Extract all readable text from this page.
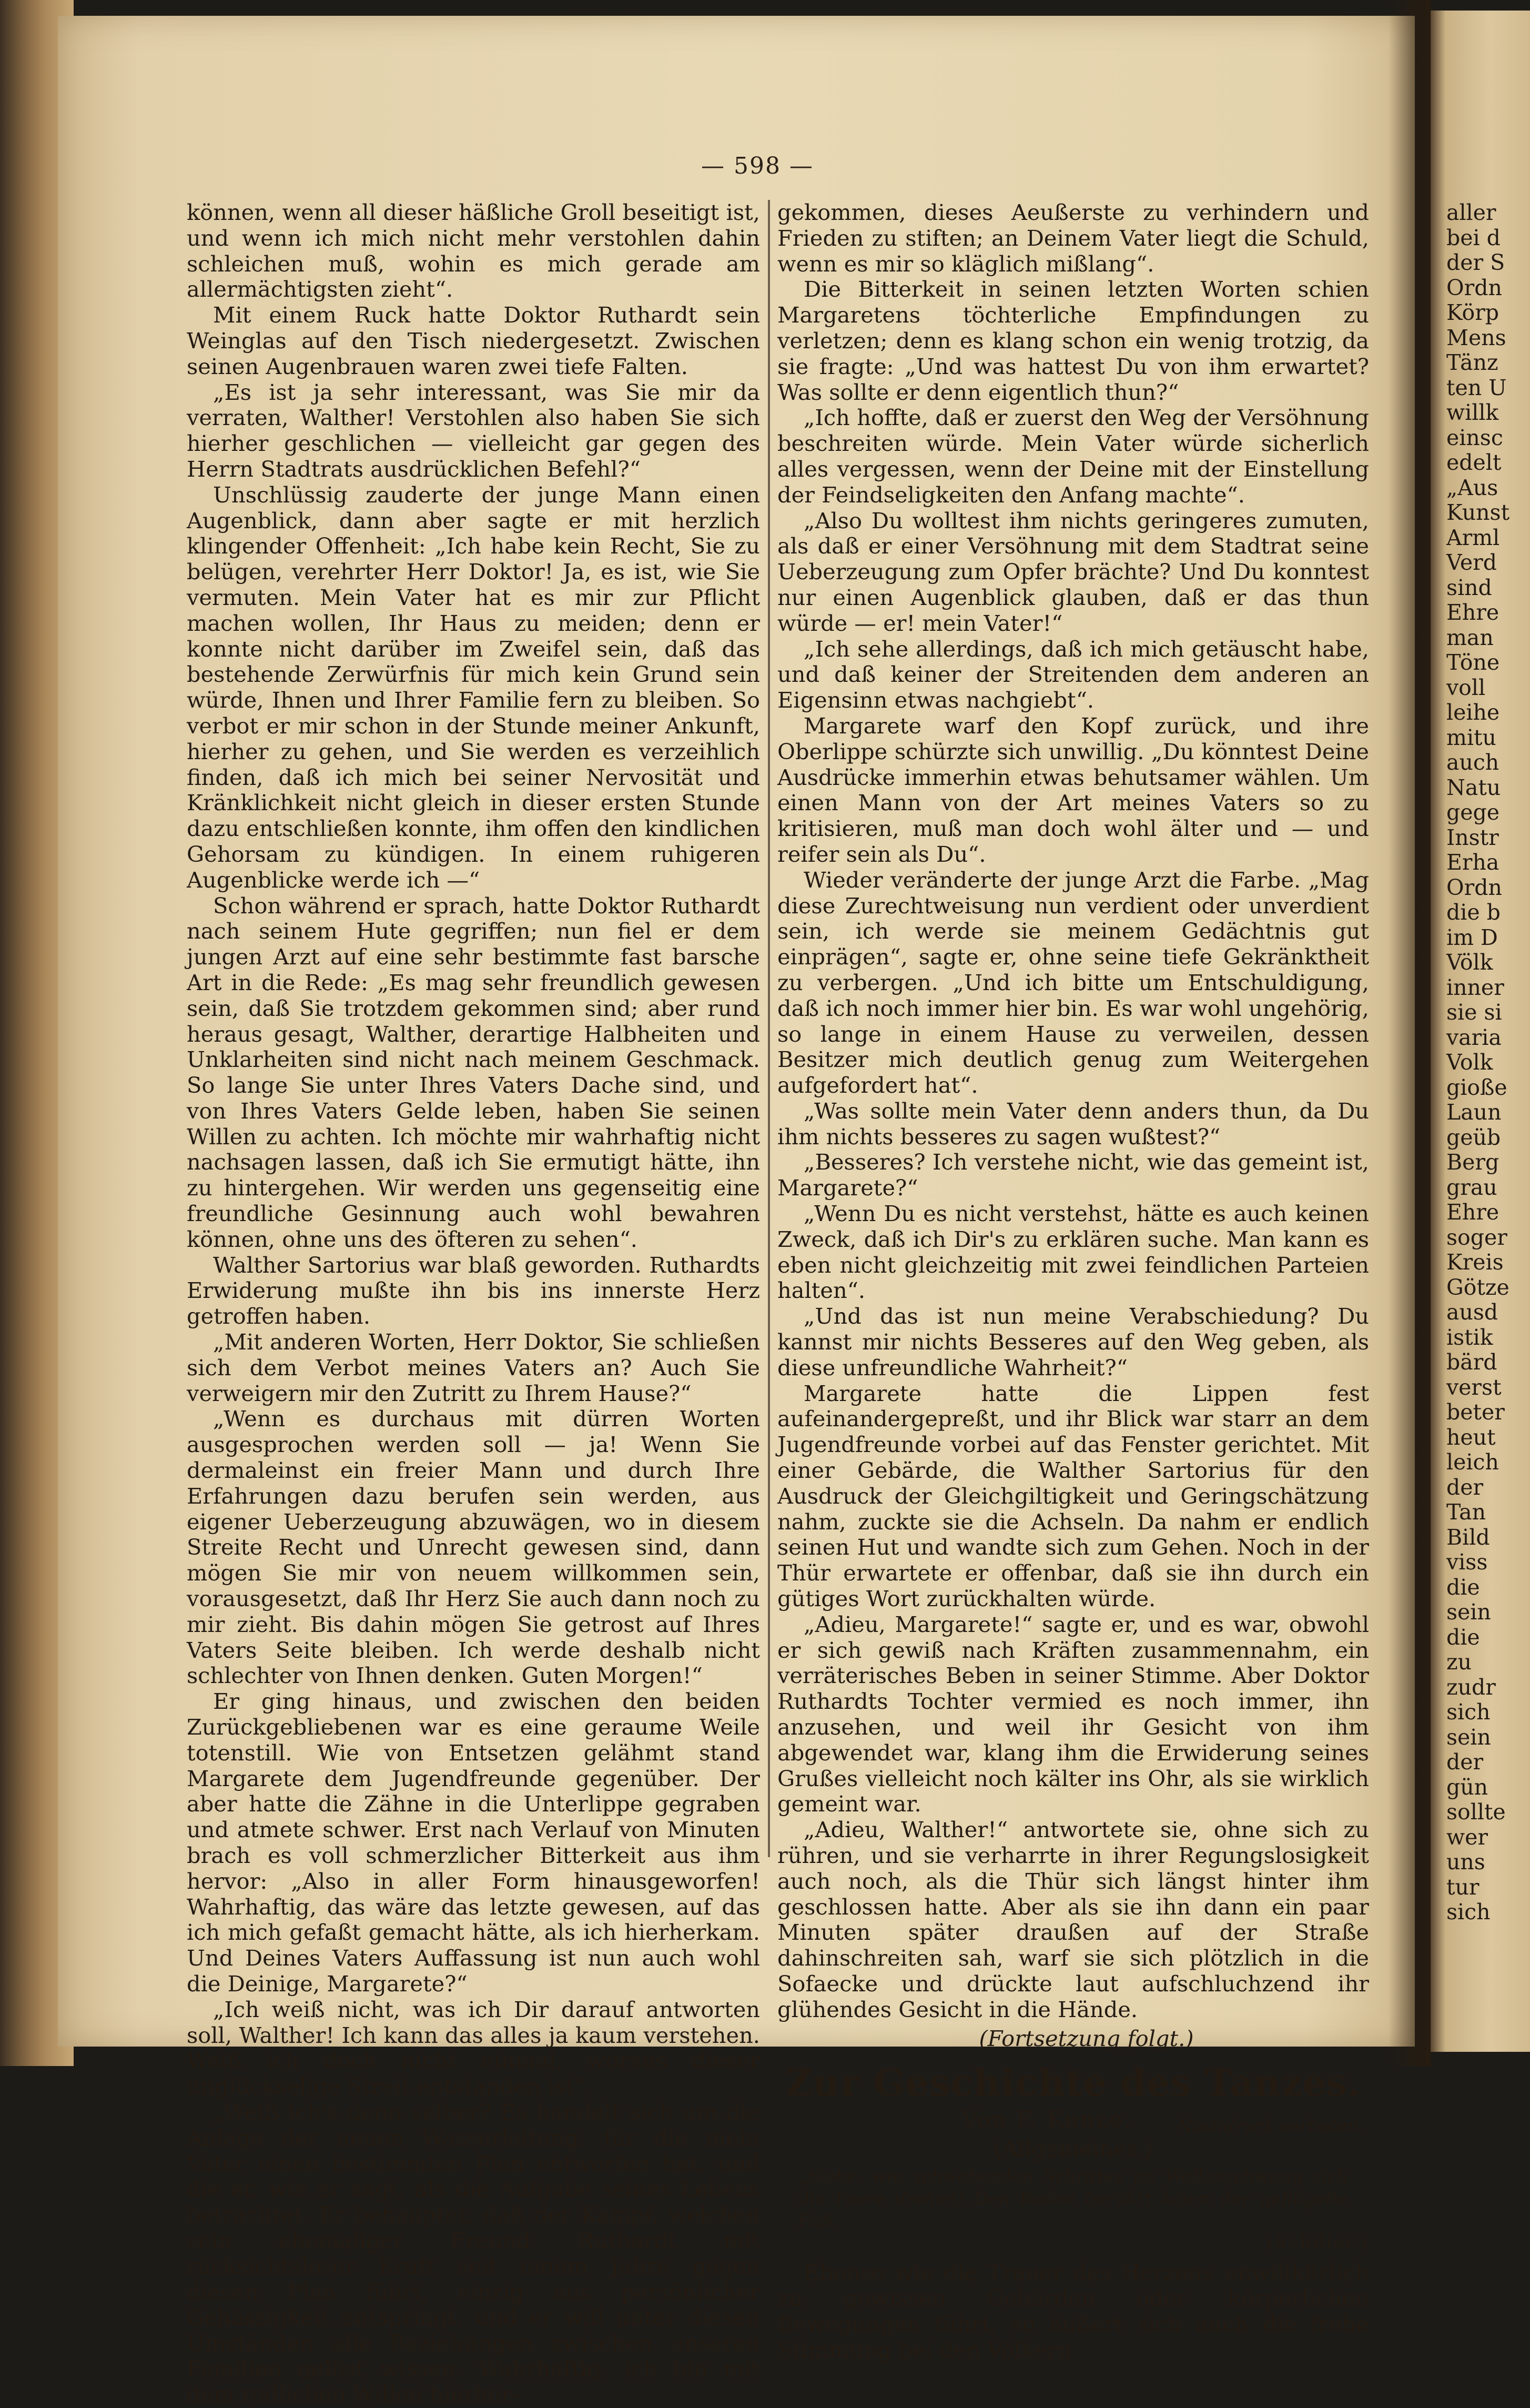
— 598 —

können, wenn all dieser häßliche Groll beseitigt ist, und wenn ich mich nicht mehr verstohlen dahin schleichen muß, wohin es mich gerade am allermächtigsten zieht“.

Mit einem Ruck hatte Doktor Ruthardt sein Weinglas auf den Tisch niedergesetzt. Zwischen seinen Augenbrauen waren zwei tiefe Falten.

„Es ist ja sehr interessant, was Sie mir da verraten, Walther! Verstohlen also haben Sie sich hierher geschlichen — vielleicht gar gegen des Herrn Stadtrats ausdrücklichen Befehl?“

Unschlüssig zauderte der junge Mann einen Augenblick, dann aber sagte er mit herzlich klingender Offenheit: „Ich habe kein Recht, Sie zu belügen, verehrter Herr Doktor! Ja, es ist, wie Sie vermuten. Mein Vater hat es mir zur Pflicht machen wollen, Ihr Haus zu meiden; denn er konnte nicht darüber im Zweifel sein, daß das bestehende Zerwürfnis für mich kein Grund sein würde, Ihnen und Ihrer Familie fern zu bleiben. So verbot er mir schon in der Stunde meiner Ankunft, hierher zu gehen, und Sie werden es verzeihlich finden, daß ich mich bei seiner Nervosität und Kränklichkeit nicht gleich in dieser ersten Stunde dazu entschließen konnte, ihm offen den kindlichen Gehorsam zu kündigen. In einem ruhigeren Augenblicke werde ich —“

Schon während er sprach, hatte Doktor Ruthardt nach seinem Hute gegriffen; nun fiel er dem jungen Arzt auf eine sehr bestimmte fast barsche Art in die Rede: „Es mag sehr freundlich gewesen sein, daß Sie trotzdem gekommen sind; aber rund heraus gesagt, Walther, derartige Halbheiten und Unklarheiten sind nicht nach meinem Geschmack. So lange Sie unter Ihres Vaters Dache sind, und von Ihres Vaters Gelde leben, haben Sie seinen Willen zu achten. Ich möchte mir wahrhaftig nicht nachsagen lassen, daß ich Sie ermutigt hätte, ihn zu hintergehen. Wir werden uns gegenseitig eine freundliche Gesinnung auch wohl bewahren können, ohne uns des öfteren zu sehen“.

Walther Sartorius war blaß geworden. Ruthardts Erwiderung mußte ihn bis ins innerste Herz getroffen haben.

„Mit anderen Worten, Herr Doktor, Sie schließen sich dem Verbot meines Vaters an? Auch Sie verweigern mir den Zutritt zu Ihrem Hause?“

„Wenn es durchaus mit dürren Worten ausgesprochen werden soll — ja! Wenn Sie dermaleinst ein freier Mann und durch Ihre Erfahrungen dazu berufen sein werden, aus eigener Ueberzeugung abzuwägen, wo in diesem Streite Recht und Unrecht gewesen sind, dann mögen Sie mir von neuem willkommen sein, vorausgesetzt, daß Ihr Herz Sie auch dann noch zu mir zieht. Bis dahin mögen Sie getrost auf Ihres Vaters Seite bleiben. Ich werde deshalb nicht schlechter von Ihnen denken. Guten Morgen!“

Er ging hinaus, und zwischen den beiden Zurückgebliebenen war es eine geraume Weile totenstill. Wie von Entsetzen gelähmt stand Margarete dem Jugendfreunde gegenüber. Der aber hatte die Zähne in die Unterlippe gegraben und atmete schwer. Erst nach Verlauf von Minuten brach es voll schmerzlicher Bitterkeit aus ihm hervor: „Also in aller Form hinausgeworfen! Wahrhaftig, das wäre das letzte gewesen, auf das ich mich gefaßt gemacht hätte, als ich hierherkam. Und Deines Vaters Auffassung ist nun auch wohl die Deinige, Margarete?“

„Ich weiß nicht, was ich Dir darauf antworten soll, Walther! Ich kann das alles ja kaum verstehen. Weiß ich doch nicht einmal, woraus dieser unglückselige Streit entstanden ist“.

„Weiß ich's denn selber? Es handelt sich um die Anlage der neuen Wasserleitung, für die mein Vater einen bestimmten Plan entworfen hat, und die er, wie er sagt, als die Aufgabe seines Lebens betrachtet. Er behauptet, daß der Kampf, welchen sein ehemaliger Freund Ruthardt mit rücksichtsloser Kraft seit einem Jahre gegen diesen Plan führt, einzig aus persönlicher Gehässigkeit entspringt, und er will unter diesen Umständen alle Beziehungen zwischen unseren Familien gelöst wissen. Wahrhaftig, ich bin mit dem redlichen Willen hierher-

gekommen, dieses Aeußerste zu verhindern und Frieden zu stiften; an Deinem Vater liegt die Schuld, wenn es mir so kläglich mißlang“.

Die Bitterkeit in seinen letzten Worten schien Margaretens töchterliche Empfindungen zu verletzen; denn es klang schon ein wenig trotzig, da sie fragte: „Und was hattest Du von ihm erwartet? Was sollte er denn eigentlich thun?“

„Ich hoffte, daß er zuerst den Weg der Versöhnung beschreiten würde. Mein Vater würde sicherlich alles vergessen, wenn der Deine mit der Einstellung der Feindseligkeiten den Anfang machte“.

„Also Du wolltest ihm nichts geringeres zumuten, als daß er einer Versöhnung mit dem Stadtrat seine Ueberzeugung zum Opfer brächte? Und Du konntest nur einen Augenblick glauben, daß er das thun würde — er! mein Vater!“

„Ich sehe allerdings, daß ich mich getäuscht habe, und daß keiner der Streitenden dem anderen an Eigensinn etwas nachgiebt“.

Margarete warf den Kopf zurück, und ihre Oberlippe schürzte sich unwillig. „Du könntest Deine Ausdrücke immerhin etwas behutsamer wählen. Um einen Mann von der Art meines Vaters so zu kritisieren, muß man doch wohl älter und — und reifer sein als Du“.

Wieder veränderte der junge Arzt die Farbe. „Mag diese Zurechtweisung nun verdient oder unverdient sein, ich werde sie meinem Gedächtnis gut einprägen“, sagte er, ohne seine tiefe Gekränktheit zu verbergen. „Und ich bitte um Entschuldigung, daß ich noch immer hier bin. Es war wohl ungehörig, so lange in einem Hause zu verweilen, dessen Besitzer mich deutlich genug zum Weitergehen aufgefordert hat“.

„Was sollte mein Vater denn anders thun, da Du ihm nichts besseres zu sagen wußtest?“

„Besseres? Ich verstehe nicht, wie das gemeint ist, Margarete?“

„Wenn Du es nicht verstehst, hätte es auch keinen Zweck, daß ich Dir's zu erklären suche. Man kann es eben nicht gleichzeitig mit zwei feindlichen Parteien halten“.

„Und das ist nun meine Verabschiedung? Du kannst mir nichts Besseres auf den Weg geben, als diese unfreundliche Wahrheit?“

Margarete hatte die Lippen fest aufeinandergepreßt, und ihr Blick war starr an dem Jugendfreunde vorbei auf das Fenster gerichtet. Mit einer Gebärde, die Walther Sartorius für den Ausdruck der Gleichgiltigkeit und Geringschätzung nahm, zuckte sie die Achseln. Da nahm er endlich seinen Hut und wandte sich zum Gehen. Noch in der Thür erwartete er offenbar, daß sie ihn durch ein gütiges Wort zurückhalten würde.

„Adieu, Margarete!“ sagte er, und es war, obwohl er sich gewiß nach Kräften zusammennahm, ein verräterisches Beben in seiner Stimme. Aber Doktor Ruthardts Tochter vermied es noch immer, ihn anzusehen, und weil ihr Gesicht von ihm abgewendet war, klang ihm die Erwiderung seines Grußes vielleicht noch kälter ins Ohr, als sie wirklich gemeint war.

„Adieu, Walther!“ antwortete sie, ohne sich zu rühren, und sie verharrte in ihrer Regungslosigkeit auch noch, als die Thür sich längst hinter ihm geschlossen hatte. Aber als sie ihn dann ein paar Minuten später draußen auf der Straße dahinschreiten sah, warf sie sich plötzlich in die Sofaecke und drückte laut aufschluchzend ihr glühendes Gesicht in die Hände.

(Fortsetzung folgt.)

Zur Geschichte des Tanzes.
Von F. Kunze.	Nachdruck verboten.

(Allgemeines.)

„Siehe, wie schwebenden Schrittes im Wellenschwung sich die Paare drehen! Den Boden berührt kaum der geflügelte Fuß.

(Schiller.)

Ebenso wie die Trauer des Herzens unwillkürlich zu gewissen Gebärden oder körperlichen Bewegungen führt, so äußert sich auch die frohe Stimmung bei den Völkern

aller
bei d
der S
Ordn
Körp
Mens
Tänz
ten U
willk
einsc
edelt
„Aus
Kunst
Arml
Verd
sind
Ehre
man
Töne
voll
leihe
mitu
auch
Natu
gege
Instr
Erha
Ordn
die b
im D
Völk
inner
sie si
varia
Volk
gioße
Laun
geüb
Berg
grau
Ehre
soger
Kreis
Götze
ausd
istik
bärd
verst
beter
heut
leich
der
Tan
Bild
viss
die
sein
die
zu
zudr
sich
sein
der
gün
sollte
wer
uns
tur
sich
